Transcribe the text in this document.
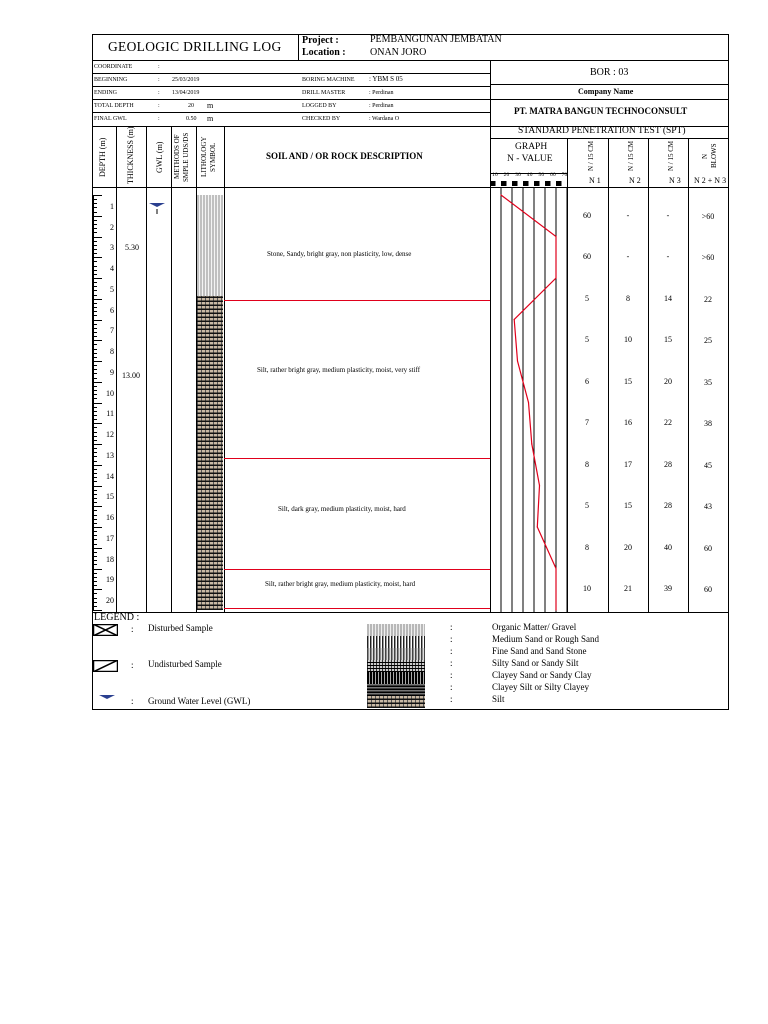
GEOLOGIC DRILLING LOG Project :	PEMBANGUNAN JEMBATAN
Location : ONAN JORO
COORDINATE	:
BEGINNING	: 25/03/2019
ENDING	: 13/04/2019
TOTAL DEPTH	:	20 m
FINAL GWL	:	0.50 m
BORING MACHINE : YBM S 05
DRILL MASTER	: Perdinan
LOGGED BY	: Perdinan
CHECKED BY	: Wardana O
BOR : 03
Company Name
PT. MATRA BANGUN TECHNOCONSULT
STANDARD PENETRATION TEST (SPT)
GRAPH
N - VALUE
DEPTH (m) THICKNESS (m)	GWL (m) METHODS OF SMPLE UDS/DS LITHOLOGY SYMBOL	SOIL AND / OR ROCK DESCRIPTION	N / 15 CM	N / 15 CM	N / 15 CM	N BLOWS
N 1	N 2	N 3 N 2 + N 3
10 20 30 40 50 60 70
1
2
3
4
5
6
7
8
9
10
11
12
13
14
15
16
17
18
19
20
5.30
13.00
Stone, Sandy, bright gray, non plasticity, low, dense
Silt, rather bright gray, medium plasticity, moist, very stiff
Silt, dark gray, medium plasticity, moist, hard
Silt, rather bright gray, medium plasticity, moist, hard
60	-	-	>60
60	-	-	>60
5	8	14	22
5	10	15	25
6	15	20	35
7	16	22	38
8	17	28	45
5	15	28	43
8	20	40	60
10	21	39	60
LEGEND :
:
:
:
Disturbed Sample
Undisturbed Sample
Ground Water Level (GWL)
:	Organic Matter/ Gravel
:	Medium Sand or Rough Sand
:	Fine Sand and Sand Stone
:	Silty Sand or Sandy Silt
:	Clayey Sand or Sandy Clay
:	Clayey Silt or Silty Clayey
:	Silt
